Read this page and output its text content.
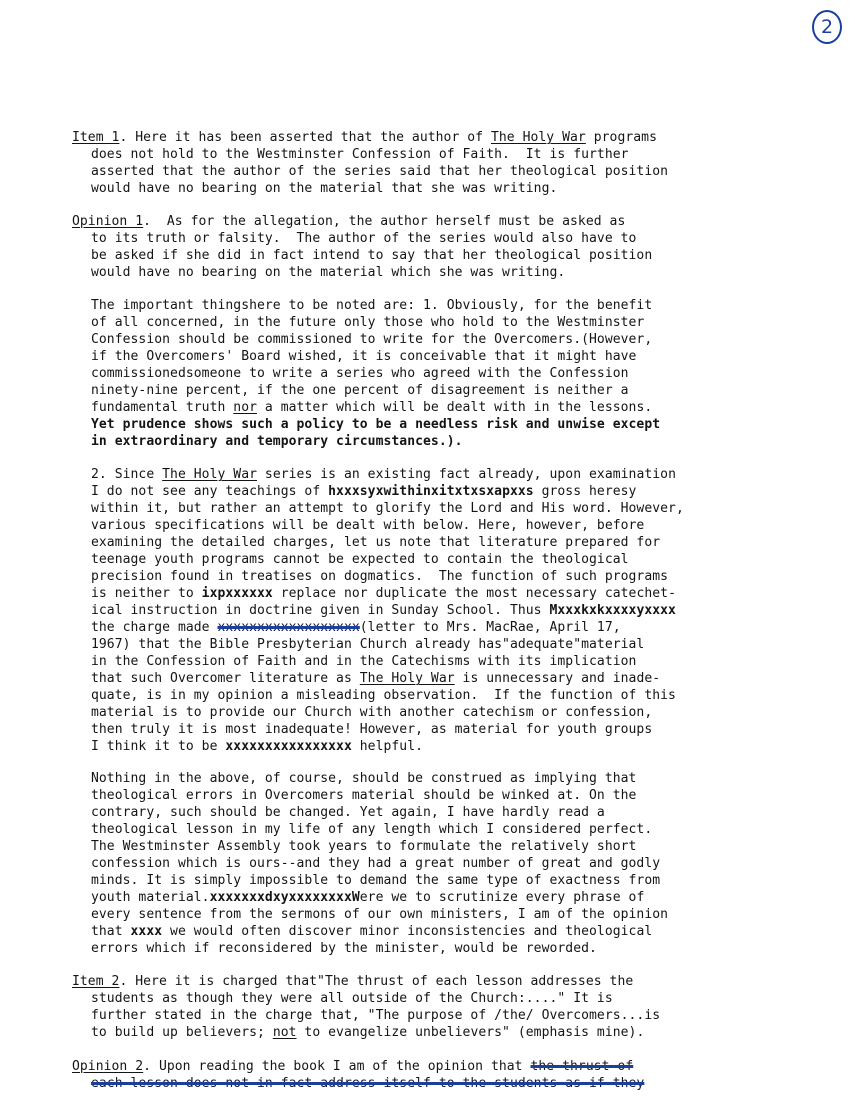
2
Item 1. Here it has been asserted that the author of The Holy War programs
does not hold to the Westminster Confession of Faith.  It is further
asserted that the author of the series said that her theological position
would have no bearing on the material that she was writing.
Opinion 1.  As for the allegation, the author herself must be asked as
to its truth or falsity.  The author of the series would also have to
be asked if she did in fact intend to say that her theological position
would have no bearing on the material which she was writing.
The important thingshere to be noted are: 1. Obviously, for the benefit
of all concerned, in the future only those who hold to the Westminster
Confession should be commissioned to write for the Overcomers.(However,
if the Overcomers' Board wished, it is conceivable that it might have
commissionedsomeone to write a series who agreed with the Confession
ninety-nine percent, if the one percent of disagreement is neither a
fundamental truth nor a matter which will be dealt with in the lessons.
Yet prudence shows such a policy to be a needless risk and unwise except
in extraordinary and temporary circumstances.).
2. Since The Holy War series is an existing fact already, upon examination
I do not see any teachings of hxxxsyxwithinxitxtxsxapxxs gross heresy
within it, but rather an attempt to glorify the Lord and His word. However,
various specifications will be dealt with below. Here, however, before
examining the detailed charges, let us note that literature prepared for
teenage youth programs cannot be expected to contain the theological
precision found in treatises on dogmatics.  The function of such programs
is neither to ixpxxxxxx replace nor duplicate the most necessary catechet-
ical instruction in doctrine given in Sunday School. Thus Mxxxkxkxxxxyxxxx
the charge made xxxxxxxxxxxxxxxxxx(letter to Mrs. MacRae, April 17,
1967) that the Bible Presbyterian Church already has"adequate"material
in the Confession of Faith and in the Catechisms with its implication
that such Overcomer literature as The Holy War is unnecessary and inade-
quate, is in my opinion a misleading observation.  If the function of this
material is to provide our Church with another catechism or confession,
then truly it is most inadequate! However, as material for youth groups
I think it to be xxxxxxxxxxxxxxxx helpful.
Nothing in the above, of course, should be construed as implying that
theological errors in Overcomers material should be winked at. On the
contrary, such should be changed. Yet again, I have hardly read a
theological lesson in my life of any length which I considered perfect.
The Westminster Assembly took years to formulate the relatively short
confession which is ours--and they had a great number of great and godly
minds. It is simply impossible to demand the same type of exactness from
youth material.xxxxxxxdxyxxxxxxxxWere we to scrutinize every phrase of
every sentence from the sermons of our own ministers, I am of the opinion
that xxxx we would often discover minor inconsistencies and theological
errors which if reconsidered by the minister, would be reworded.
Item 2. Here it is charged that"The thrust of each lesson addresses the
students as though they were all outside of the Church:...." It is
further stated in the charge that, "The purpose of /the/ Overcomers...is
to build up believers; not to evangelize unbelievers" (emphasis mine).
Opinion 2. Upon reading the book I am of the opinion that the thrust of
each lesson does not in fact address itself to the students as if they
